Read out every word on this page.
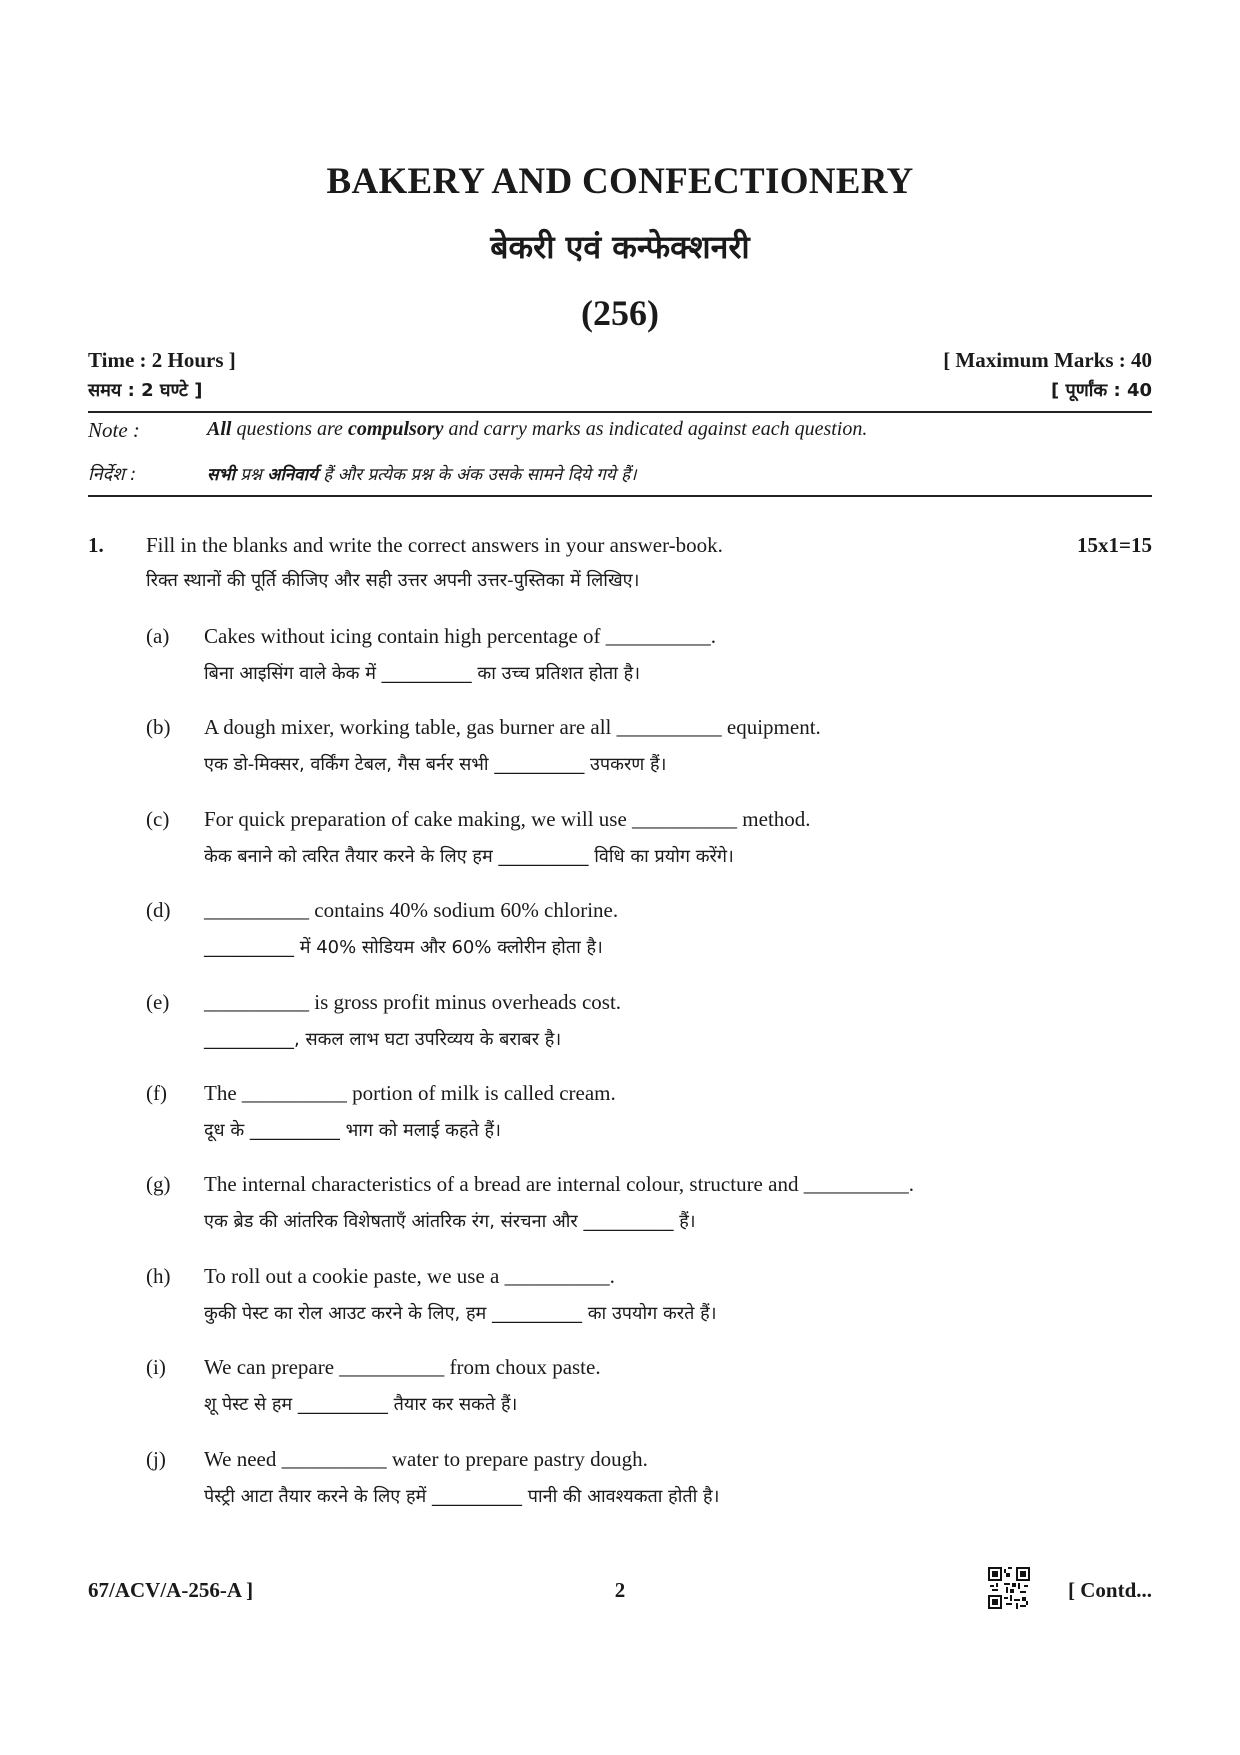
BAKERY AND CONFECTIONERY
बेकरी एवं कन्फेक्शनरी
(256)
Time : 2 Hours ]
समय : 2 घण्टे ]
[ Maximum Marks : 40
[ पूर्णांक : 40
Note :	All questions are compulsory and carry marks as indicated against each question.
निर्देश :	सभी प्रश्न अनिवार्य हैं और प्रत्येक प्रश्न के अंक उसके सामने दिये गये हैं।
1. Fill in the blanks and write the correct answers in your answer-book.
रिक्त स्थानों की पूर्ति कीजिए और सही उत्तर अपनी उत्तर-पुस्तिका में लिखिए।
15x1=15
(a) Cakes without icing contain high percentage of __________.
बिना आइसिंग वाले केक में __________ का उच्च प्रतिशत होता है।
(b) A dough mixer, working table, gas burner are all __________ equipment.
एक डो-मिक्सर, वर्किंग टेबल, गैस बर्नर सभी __________ उपकरण हैं।
(c) For quick preparation of cake making, we will use __________ method.
केक बनाने को त्वरित तैयार करने के लिए हम __________ विधि का प्रयोग करेंगे।
(d) __________ contains 40% sodium 60% chlorine.
__________ में 40% सोडियम और 60% क्लोरीन होता है।
(e) __________ is gross profit minus overheads cost.
__________, सकल लाभ घटा उपरिव्यय के बराबर है।
(f) The __________ portion of milk is called cream.
दूध के __________ भाग को मलाई कहते हैं।
(g) The internal characteristics of a bread are internal colour, structure and __________.
एक ब्रेड की आंतरिक विशेषताएँ आंतरिक रंग, संरचना और __________ हैं।
(h) To roll out a cookie paste, we use a __________.
कुकी पेस्ट का रोल आउट करने के लिए, हम __________ का उपयोग करते हैं।
(i) We can prepare __________ from choux paste.
शू पेस्ट से हम __________ तैयार कर सकते हैं।
(j) We need __________ water to prepare pastry dough.
पेस्ट्री आटा तैयार करने के लिए हमें __________ पानी की आवश्यकता होती है।
67/ACV/A-256-A ]	2	[ Contd...
